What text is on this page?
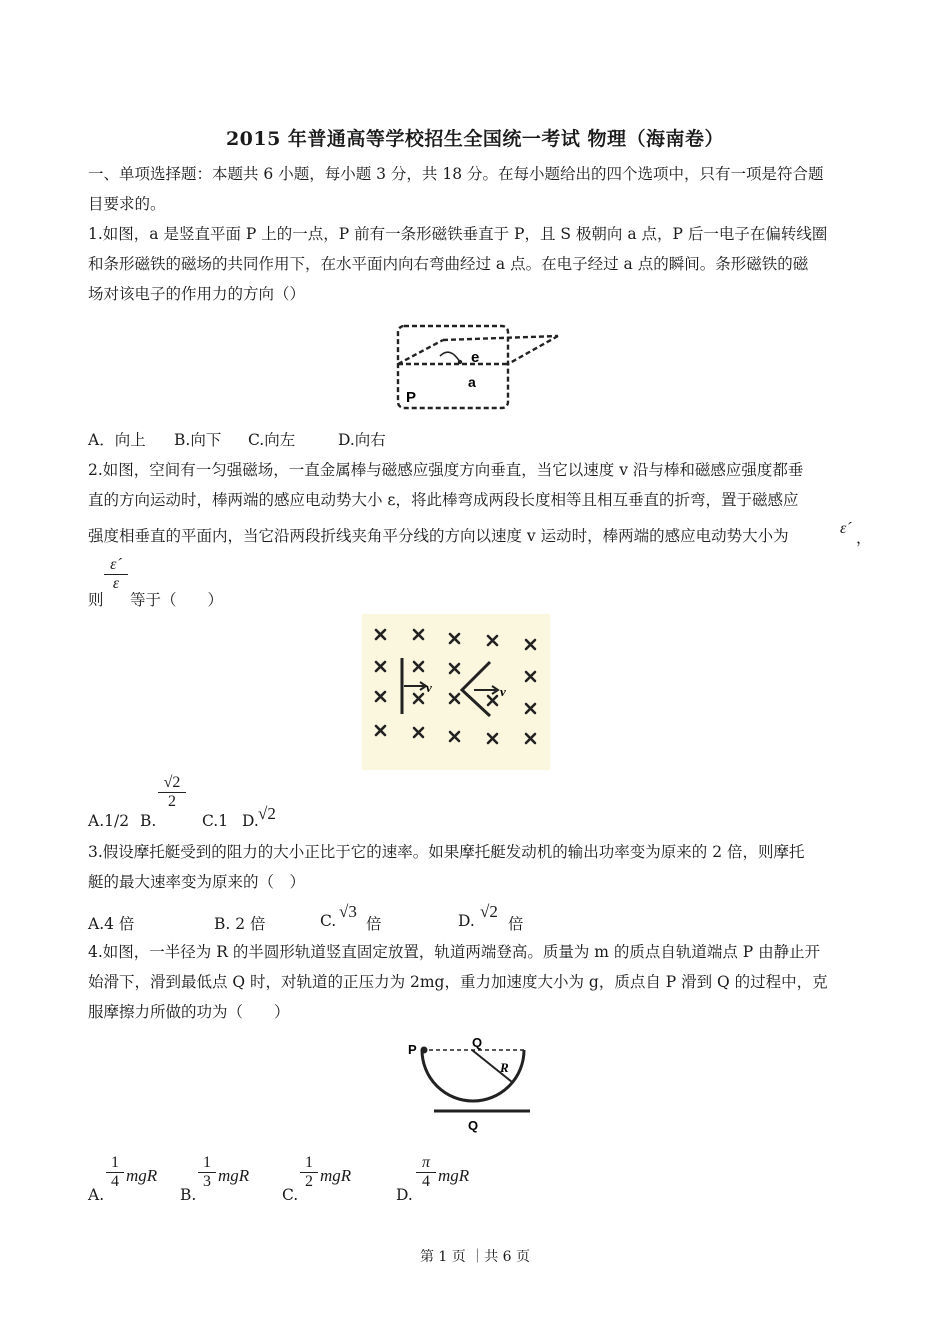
2015 年普通高等学校招生全国统一考试 物理（海南卷）
一、单项选择题：本题共 6 小题，每小题 3 分，共 18 分。在每小题给出的四个选项中，只有一项是符合题
目要求的。
1.如图，a 是竖直平面 P 上的一点，P 前有一条形磁铁垂直于 P，且 S 极朝向 a 点，P 后一电子在偏转线圈
和条形磁铁的磁场的共同作用下，在水平面内向右弯曲经过 a 点。在电子经过 a 点的瞬间。条形磁铁的磁
场对该电子的作用力的方向（）
e
a
P
A．向上 B.向下 C.向左	D.向右
2.如图，空间有一匀强磁场，一直金属棒与磁感应强度方向垂直，当它以速度 v 沿与棒和磁感应强度都垂
直的方向运动时，棒两端的感应电动势大小 ε，将此棒弯成两段长度相等且相互垂直的折弯，置于磁感应
强度相垂直的平面内，当它沿两段折线夹角平分线的方向以速度 v 运动时，棒两端的感应电动势大小为	ε´
，
则
$\frac{\varepsilon´}{\varepsilon}$
等于（　　）
v	v
A.1/2 B.
$\frac{√2}{2}$
C.1 D. √2
3.假设摩托艇受到的阻力的大小正比于它的速率。如果摩托艇发动机的输出功率变为原来的 2 倍，则摩托
艇的最大速率变为原来的（　）
A.4 倍	B. 2 倍	C. √3
倍	D. √2
倍
4.如图，一半径为 R 的半圆形轨道竖直固定放置，轨道两端登高。质量为 m 的质点自轨道端点 P 由静止开
始滑下，滑到最低点 Q 时，对轨道的正压力为 2mg，重力加速度大小为 g，质点自 P 滑到 Q 的过程中，克
服摩擦力所做的功为（　　）
P	Q
R
Q
A.
$\frac{1}{4}$ mgR
B.
$\frac{1}{3}$ mgR
C.
$\frac{1}{2}$ mgR
D.
$\frac{\pi}{4}$ mgR
第 1 页 ｜共 6 页
